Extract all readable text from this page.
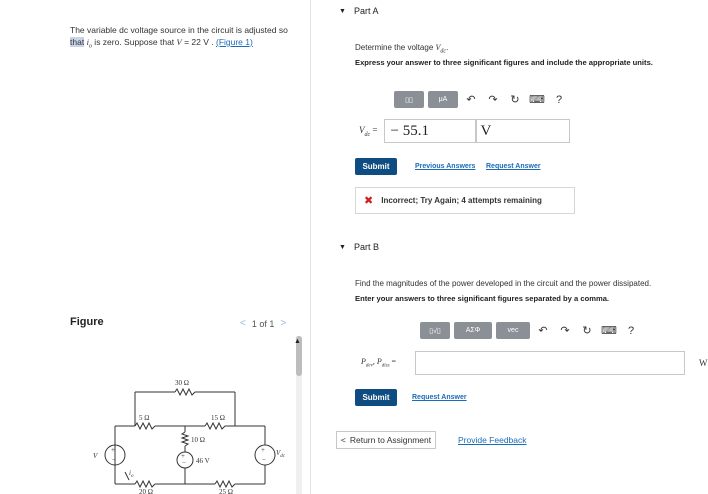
The variable dc voltage source in the circuit is adjusted so
that $i_o$ is zero. Suppose that V = 22 V . (Figure 1)
Figure	< 1 of 1 >
+
−	+
−
+
−
30 Ω
5 Ω	15 Ω
10 Ω
20 Ω	25 Ω
46 V
V	$V_{dc}$
$i_o$
▲
▼ Part A
Determine the voltage $V_{dc}$.
Express your answer to three significant figures and include the appropriate units.
▯▯	μA	↶	↷	↻ ⌨	?
$V_{dc}$ = − 55.1	V
Submit	Previous Answers Request Answer
✖ Incorrect; Try Again; 4 attempts remaining
▼ Part B
Find the magnitudes of the power developed in the circuit and the power dissipated.
Enter your answers to three significant figures separated by a comma.
▯√▯	ΑΣΦ	vec	↶	↷	↻ ⌨	?
$P_{dev}$, $P_{diss}$ =	W
Submit	Request Answer
< Return to Assignment	Provide Feedback
